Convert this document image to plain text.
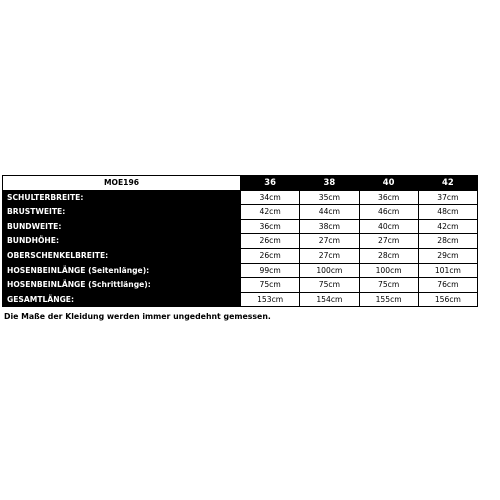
MOE196	36	38	40	42
SCHULTERBREITE:	34cm	35cm	36cm	37cm
BRUSTWEITE:	42cm	44cm	46cm	48cm
BUNDWEITE:	36cm	38cm	40cm	42cm
BUNDHÖHE:	26cm	27cm	27cm	28cm
OBERSCHENKELBREITE:	26cm	27cm	28cm	29cm
HOSENBEINLÄNGE (Seitenlänge):	99cm	100cm	100cm	101cm
HOSENBEINLÄNGE (Schrittlänge):	75cm	75cm	75cm	76cm
GESAMTLÄNGE:	153cm	154cm	155cm	156cm
Die Maße der Kleidung werden immer ungedehnt gemessen.
